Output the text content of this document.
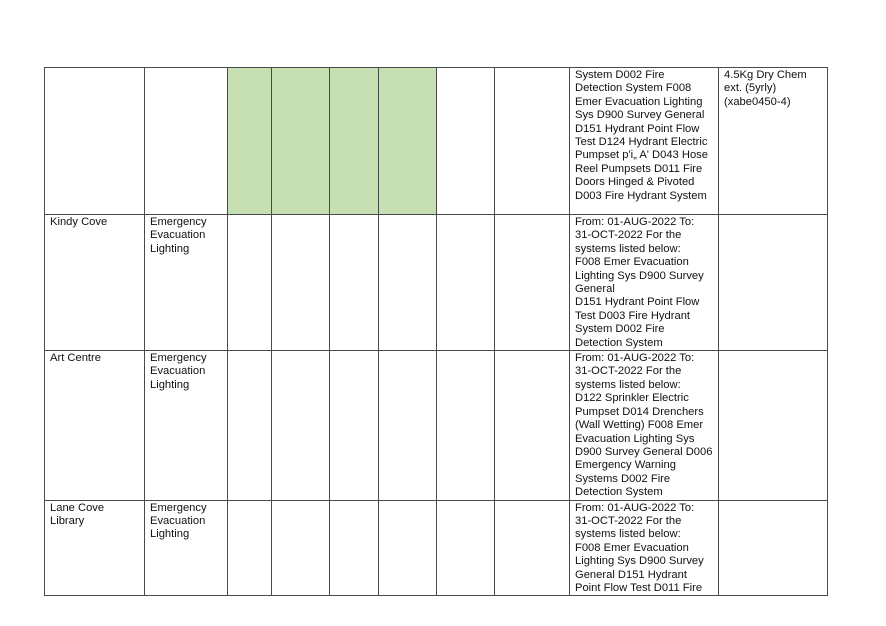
								System D002 Fire Detection System F008 Emer Evacuation Lighting Sys D900 Survey General D151 Hydrant Point Flow Test D124 Hydrant Electric Pumpset p'i„ A' D043 Hose Reel Pumpsets D011 Fire Doors Hinged & Pivoted D003 Fire Hydrant System	4.5Kg Dry Chem ext. (5yrly) (xabe0450-4)
Kindy Cove	Emergency Evacuation Lighting							From: 01-AUG-2022 To: 31-OCT-2022 For the systems listed below:
F008 Emer Evacuation Lighting Sys D900 Survey General
D151 Hydrant Point Flow Test D003 Fire Hydrant System D002 Fire Detection System	
Art Centre	Emergency Evacuation Lighting							From: 01-AUG-2022 To: 31-OCT-2022 For the systems listed below:
D122 Sprinkler Electric Pumpset D014 Drenchers (Wall Wetting) F008 Emer Evacuation Lighting Sys D900 Survey General D006 Emergency Warning Systems D002 Fire Detection System	
Lane Cove Library	Emergency Evacuation Lighting							From: 01-AUG-2022 To: 31-OCT-2022 For the systems listed below:
F008 Emer Evacuation Lighting Sys D900 Survey General D151 Hydrant Point Flow Test D011 Fire	
